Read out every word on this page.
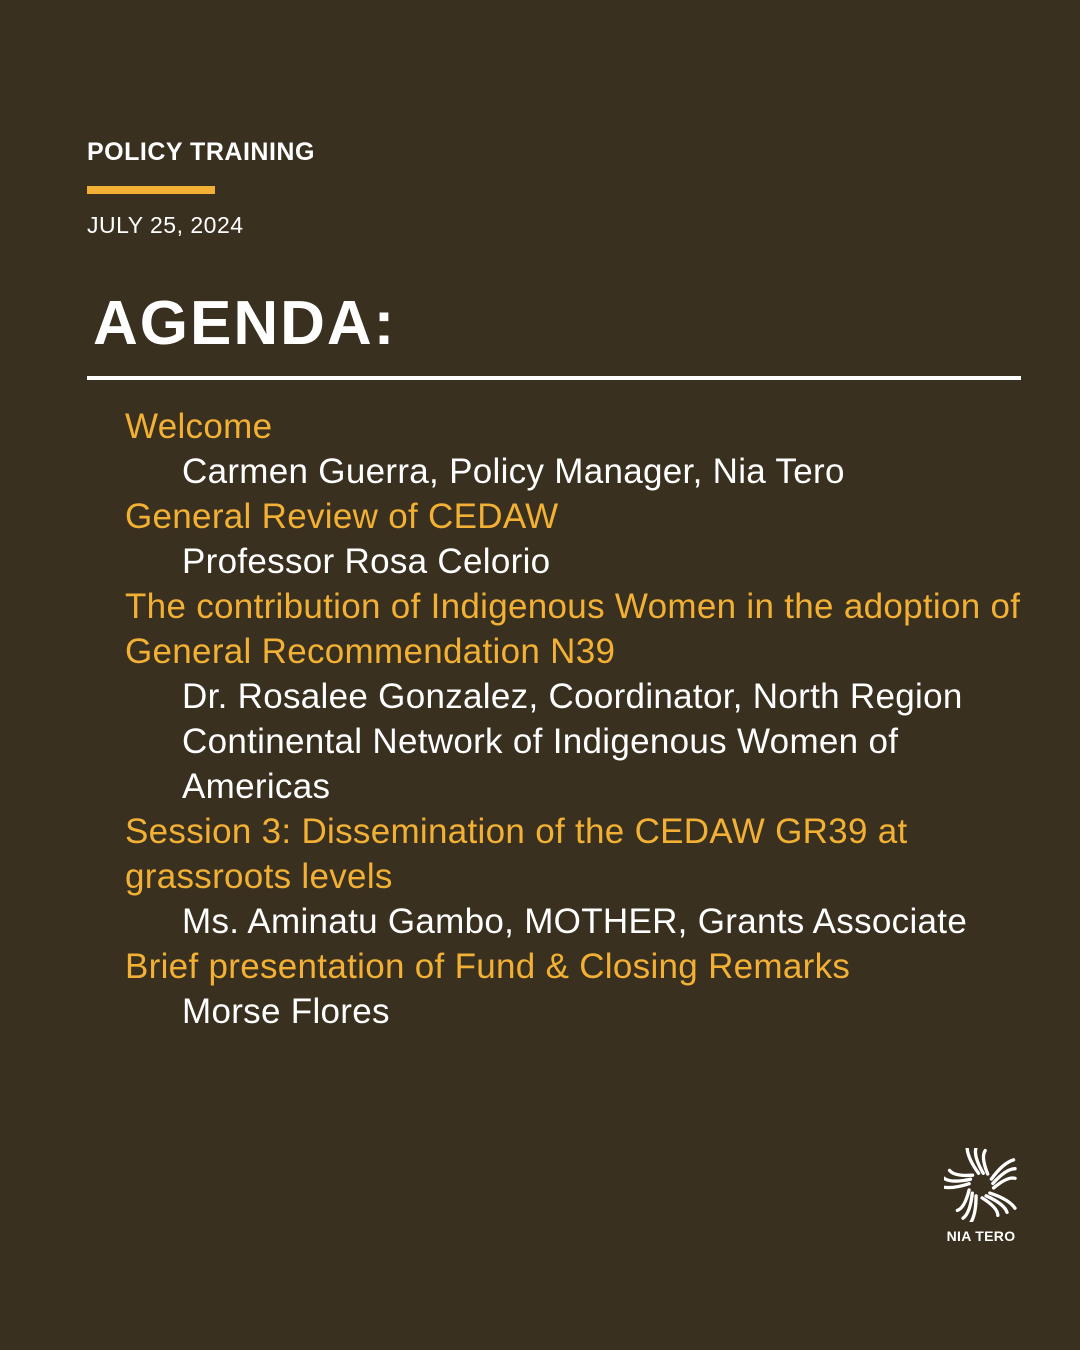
POLICY TRAINING
JULY 25, 2024
AGENDA:
Welcome
Carmen Guerra, Policy Manager, Nia Tero
General Review of CEDAW
Professor Rosa Celorio
The contribution of Indigenous Women in the adoption of General Recommendation N39
Dr. Rosalee Gonzalez, Coordinator, North Region Continental Network of Indigenous Women of Americas
Session 3: Dissemination of the CEDAW GR39 at grassroots levels
Ms. Aminatu Gambo, MOTHER, Grants Associate
Brief presentation of Fund & Closing Remarks
Morse Flores
NIA TERO
